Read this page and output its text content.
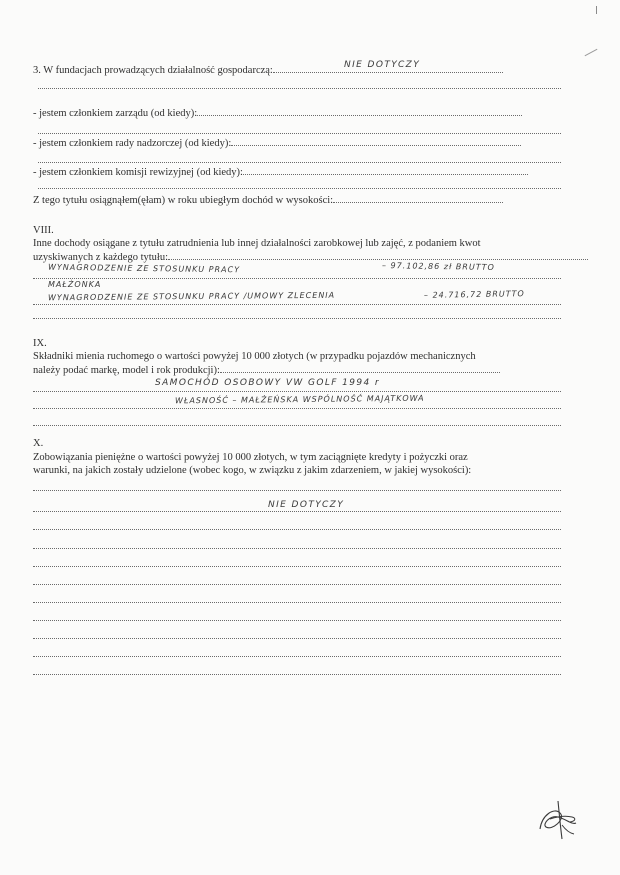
3. W fundacjach prowadzących działalność gospodarczą:	NIE DOTYCZY
- jestem członkiem zarządu (od kiedy):
- jestem członkiem rady nadzorczej (od kiedy):
- jestem członkiem komisji rewizyjnej (od kiedy):
Z tego tytułu osiągnąłem(ęłam) w roku ubiegłym dochód w wysokości:
VIII.
Inne dochody osiągane z tytułu zatrudnienia lub innej działalności zarobkowej lub zajęć, z podaniem kwot
uzyskiwanych z każdego tytułu:
WYNAGRODZENIE ZE STOSUNKU PRACY	– 97.102,86 zł BRUTTO
MAŁŻONKA
WYNAGRODZENIE ZE STOSUNKU PRACY /UMOWY ZLECENIA	– 24.716,72 BRUTTO
IX.
Składniki mienia ruchomego o wartości powyżej 10 000 złotych (w przypadku pojazdów mechanicznych
należy podać markę, model i rok produkcji):
SAMOCHÓD OSOBOWY VW GOLF 1994 r
WŁASNOŚĆ – MAŁŻEŃSKA WSPÓLNOŚĆ MAJĄTKOWA
X.
Zobowiązania pieniężne o wartości powyżej 10 000 złotych, w tym zaciągnięte kredyty i pożyczki oraz
warunki, na jakich zostały udzielone (wobec kogo, w związku z jakim zdarzeniem, w jakiej wysokości):
NIE DOTYCZY
